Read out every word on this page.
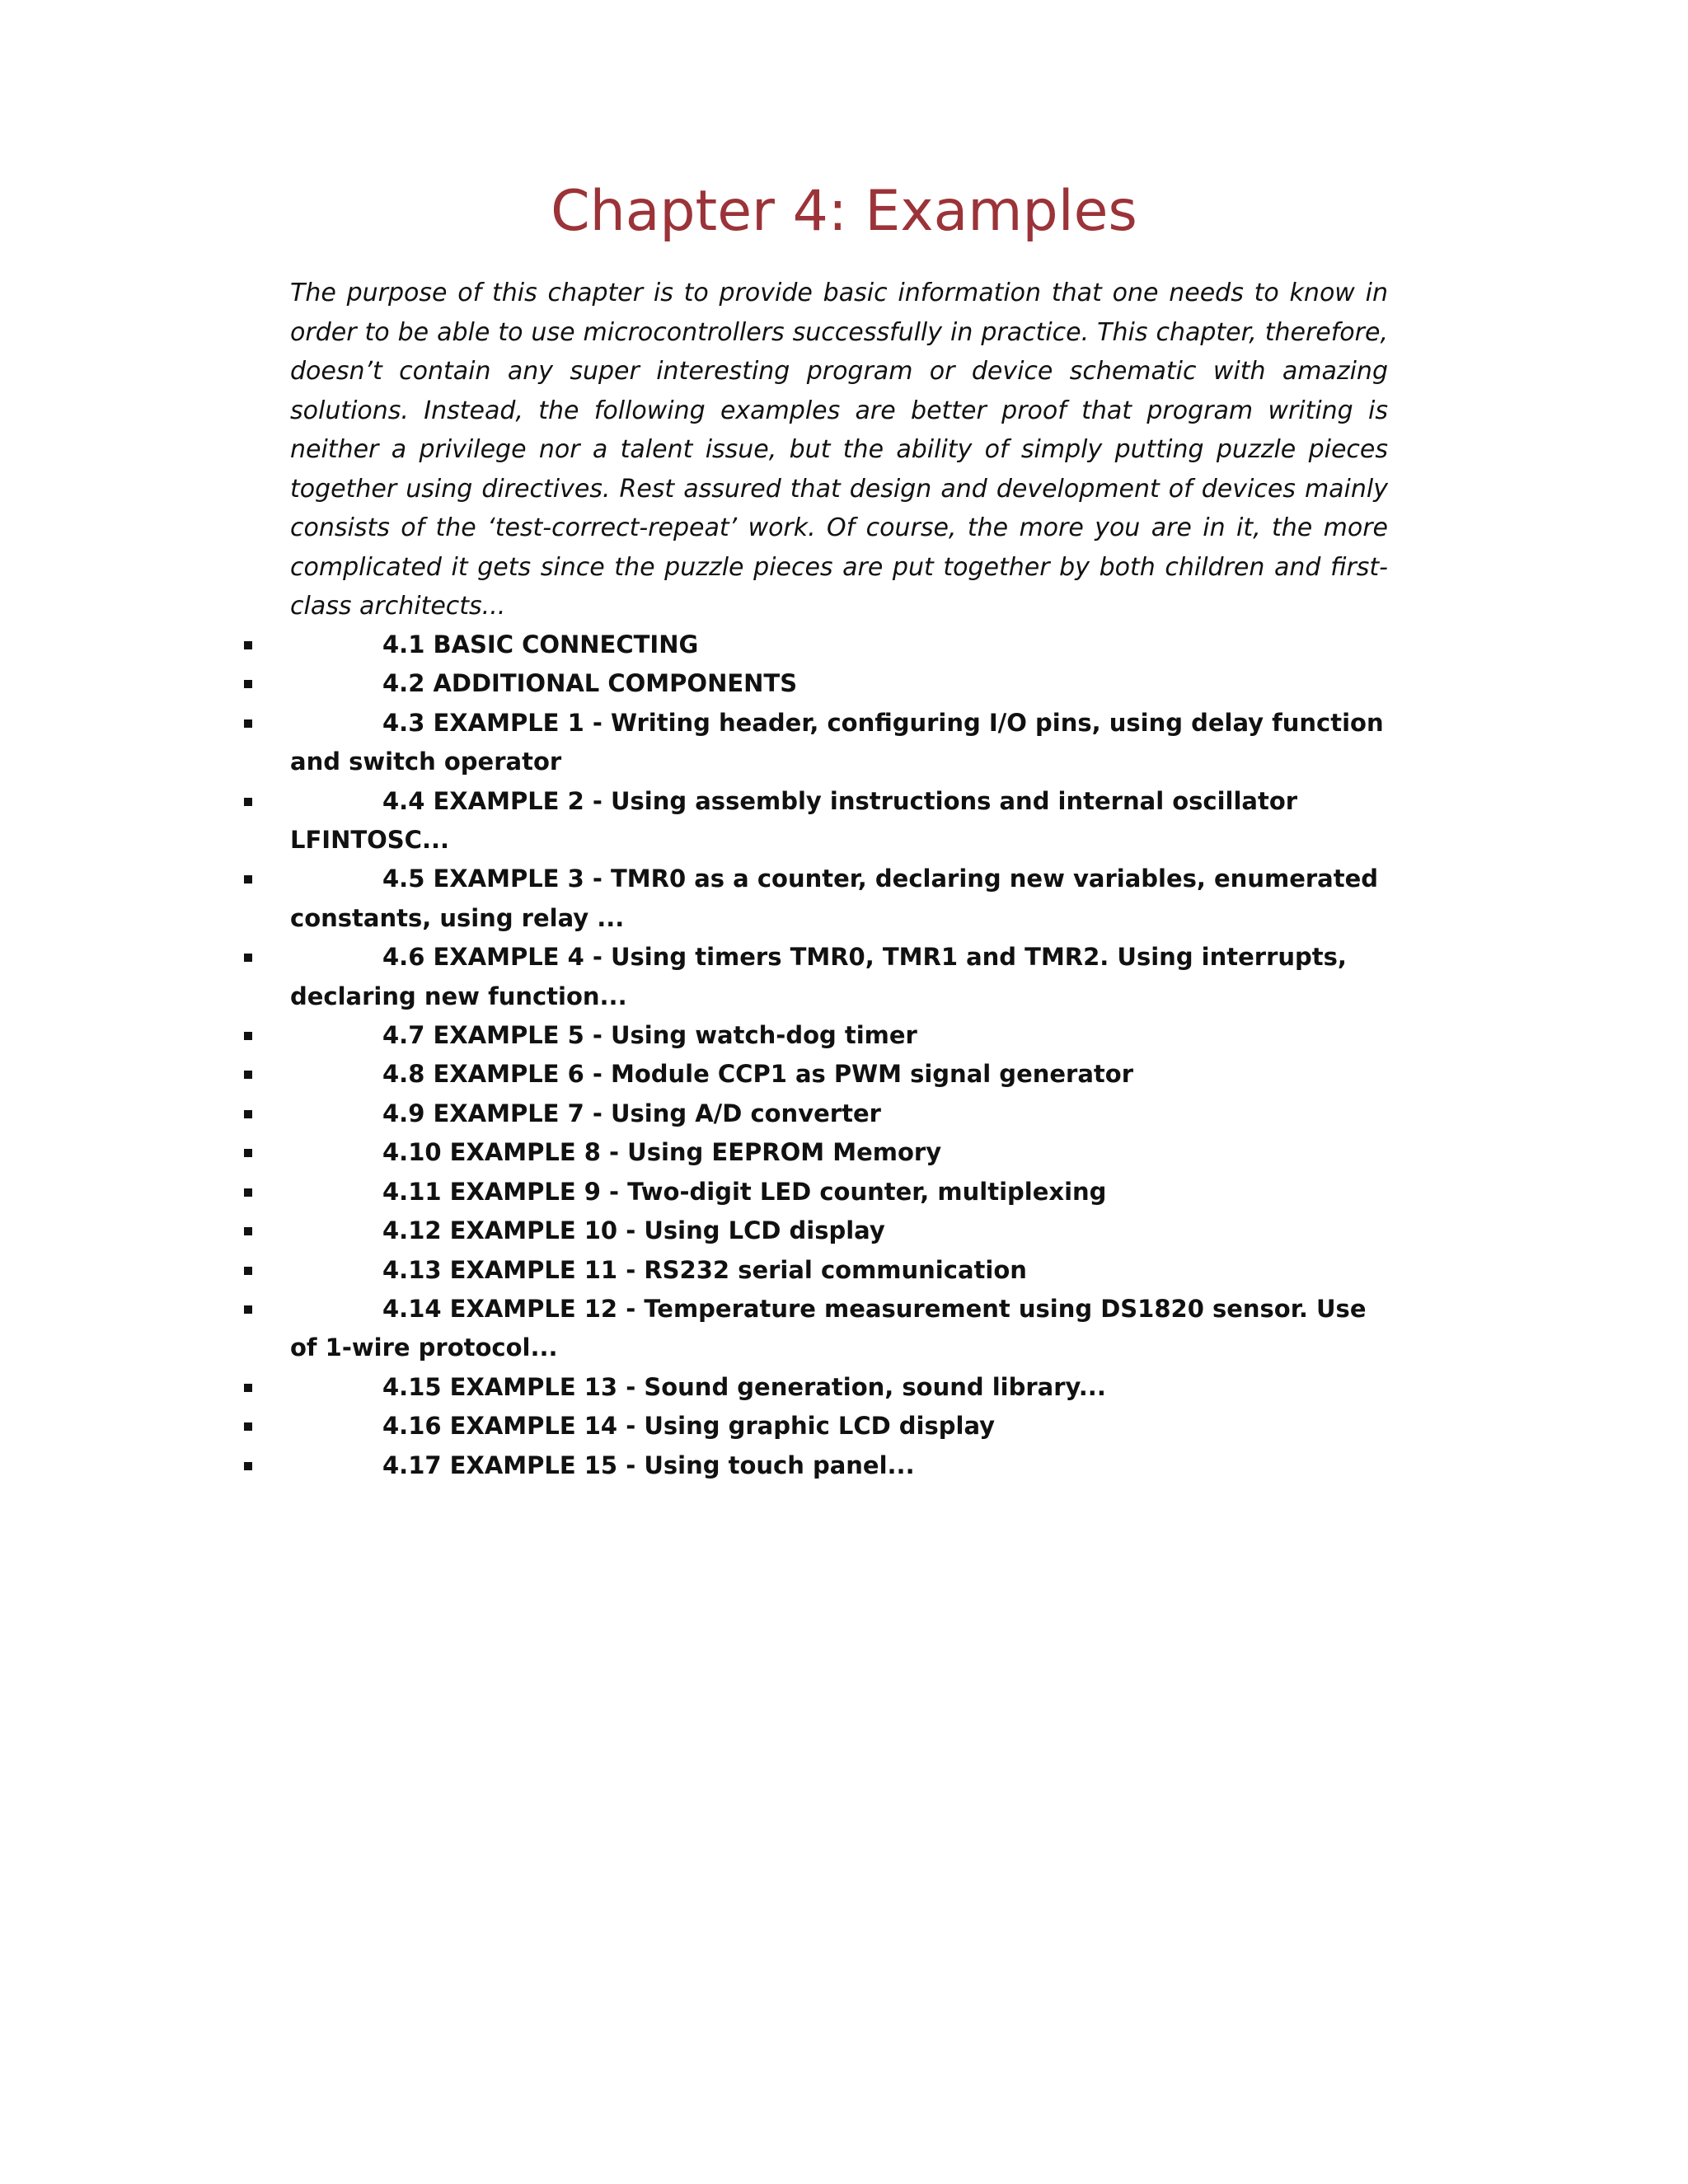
Chapter 4: Examples

The purpose of this chapter is to provide basic information that one needs to know in order to be able to use microcontrollers successfully in practice. This chapter, therefore, doesn’t contain any super interesting program or device schematic with amazing solutions. Instead, the following examples are better proof that program writing is neither a privilege nor a talent issue, but the ability of simply putting puzzle pieces together using directives. Rest assured that design and development of devices mainly consists of the ‘test-correct-repeat’ work. Of course, the more you are in it, the more complicated it gets since the puzzle pieces are put together by both children and first-class architects...

4.1 BASIC CONNECTING
4.2 ADDITIONAL COMPONENTS
4.3 EXAMPLE 1 - Writing header, configuring I/O pins, using delay function and switch operator
4.4 EXAMPLE 2 - Using assembly instructions and internal oscillator LFINTOSC...
4.5 EXAMPLE 3 - TMR0 as a counter, declaring new variables, enumerated constants, using relay ...
4.6 EXAMPLE 4 - Using timers TMR0, TMR1 and TMR2. Using interrupts, declaring new function...
4.7 EXAMPLE 5 - Using watch-dog timer
4.8 EXAMPLE 6 - Module CCP1 as PWM signal generator
4.9 EXAMPLE 7 - Using A/D converter
4.10 EXAMPLE 8 - Using EEPROM Memory
4.11 EXAMPLE 9 - Two-digit LED counter, multiplexing
4.12 EXAMPLE 10 - Using LCD display
4.13 EXAMPLE 11 - RS232 serial communication
4.14 EXAMPLE 12 - Temperature measurement using DS1820 sensor. Use of 1-wire protocol...
4.15 EXAMPLE 13 - Sound generation, sound library...
4.16 EXAMPLE 14 - Using graphic LCD display
4.17 EXAMPLE 15 - Using touch panel...
